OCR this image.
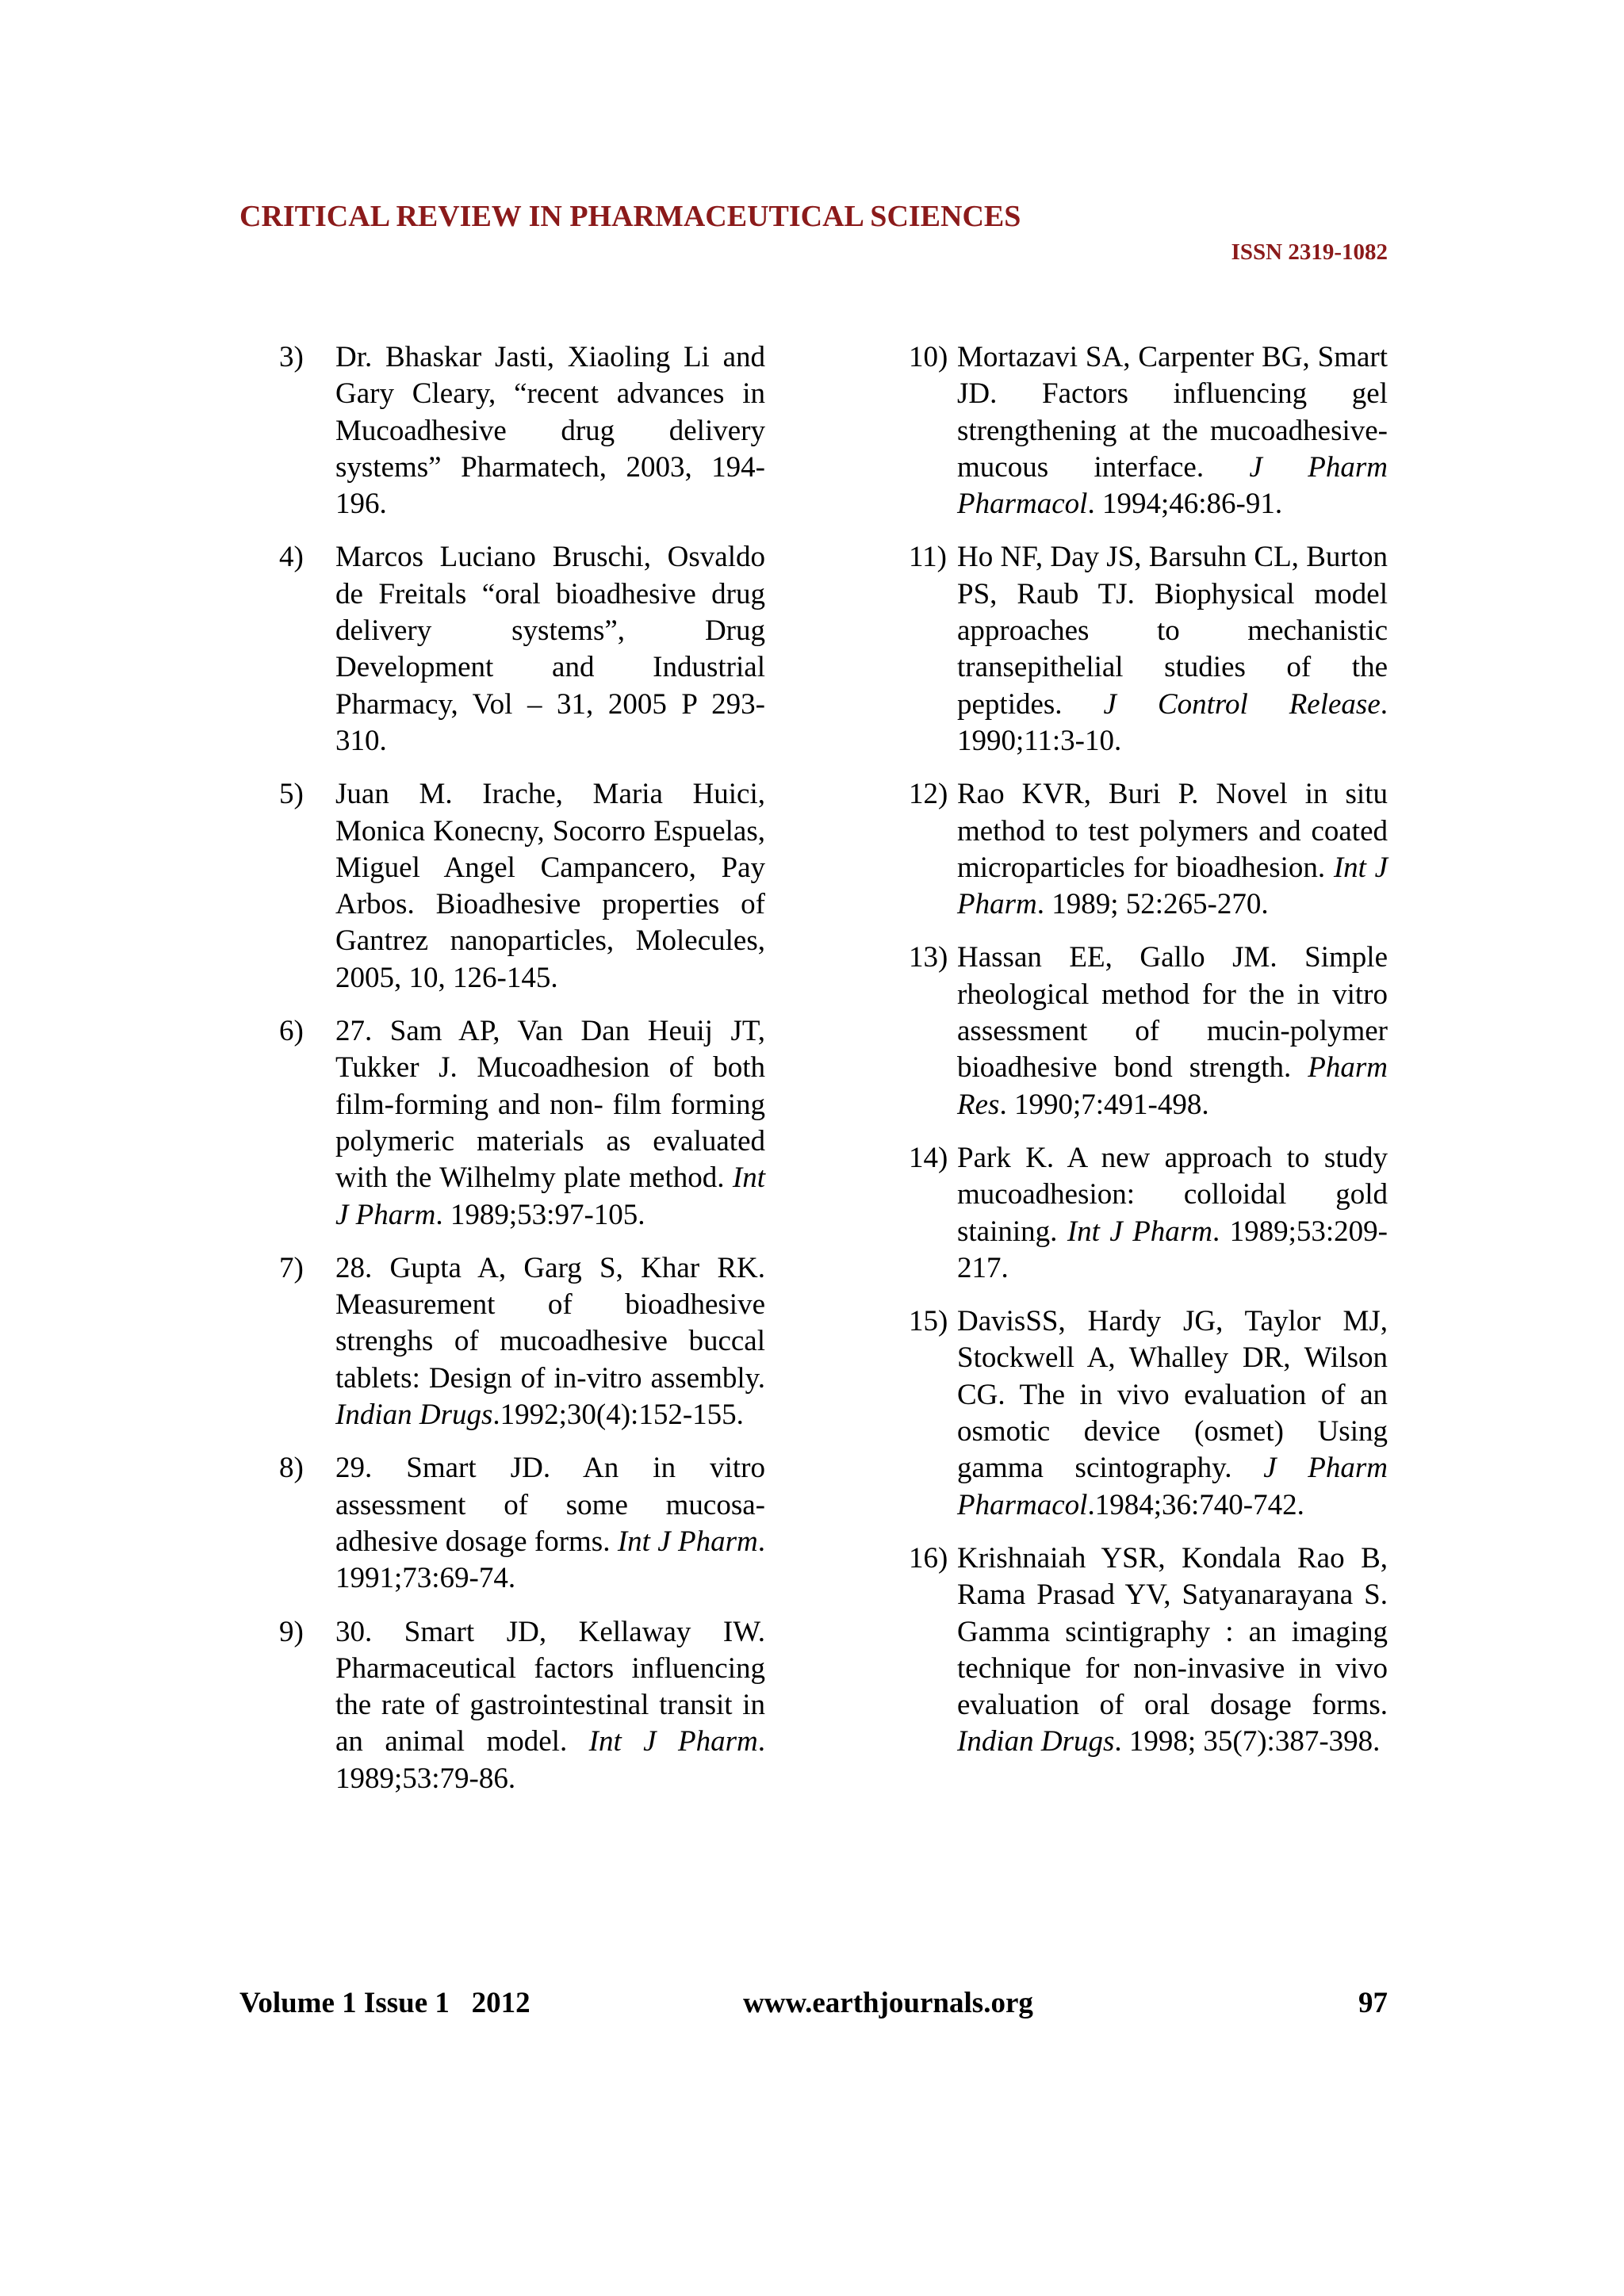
CRITICAL REVIEW IN PHARMACEUTICAL SCIENCES
ISSN 2319-1082
3) Dr. Bhaskar Jasti, Xiaoling Li and Gary Cleary, “recent advances in Mucoadhesive drug delivery systems” Pharmatech, 2003, 194-196.
4) Marcos Luciano Bruschi, Osvaldo de Freitals “oral bioadhesive drug delivery systems”, Drug Development and Industrial Pharmacy, Vol – 31, 2005 P 293-310.
5) Juan M. Irache, Maria Huici, Monica Konecny, Socorro Espuelas, Miguel Angel Campancero, Pay Arbos. Bioadhesive properties of Gantrez nanoparticles, Molecules, 2005, 10, 126-145.
6) 27. Sam AP, Van Dan Heuij JT, Tukker J. Mucoadhesion of both film-forming and non- film forming polymeric materials as evaluated with the Wilhelmy plate method. Int J Pharm. 1989;53:97-105.
7) 28. Gupta A, Garg S, Khar RK. Measurement of bioadhesive strenghs of mucoadhesive buccal tablets: Design of in-vitro assembly. Indian Drugs.1992;30(4):152-155.
8) 29. Smart JD. An in vitro assessment of some mucosa-adhesive dosage forms. Int J Pharm. 1991;73:69-74.
9) 30. Smart JD, Kellaway IW. Pharmaceutical factors influencing the rate of gastrointestinal transit in an animal model. Int J Pharm. 1989;53:79-86.
10) Mortazavi SA, Carpenter BG, Smart JD. Factors influencing gel strengthening at the mucoadhesive-mucous interface. J Pharm Pharmacol. 1994;46:86-91.
11) Ho NF, Day JS, Barsuhn CL, Burton PS, Raub TJ. Biophysical model approaches to mechanistic transepithelial studies of the peptides. J Control Release. 1990;11:3-10.
12) Rao KVR, Buri P. Novel in situ method to test polymers and coated microparticles for bioadhesion. Int J Pharm. 1989; 52:265-270.
13) Hassan EE, Gallo JM. Simple rheological method for the in vitro assessment of mucin-polymer bioadhesive bond strength. Pharm Res. 1990;7:491-498.
14) Park K. A new approach to study mucoadhesion: colloidal gold staining. Int J Pharm. 1989;53:209-217.
15) DavisSS, Hardy JG, Taylor MJ, Stockwell A, Whalley DR, Wilson CG. The in vivo evaluation of an osmotic device (osmet) Using gamma scintography. J Pharm Pharmacol.1984;36:740-742.
16) Krishnaiah YSR, Kondala Rao B, Rama Prasad YV, Satyanarayana S. Gamma scintigraphy : an imaging technique for non-invasive in vivo evaluation of oral dosage forms. Indian Drugs. 1998; 35(7):387-398.
Volume 1 Issue 1   2012	www.earthjournals.org	97
